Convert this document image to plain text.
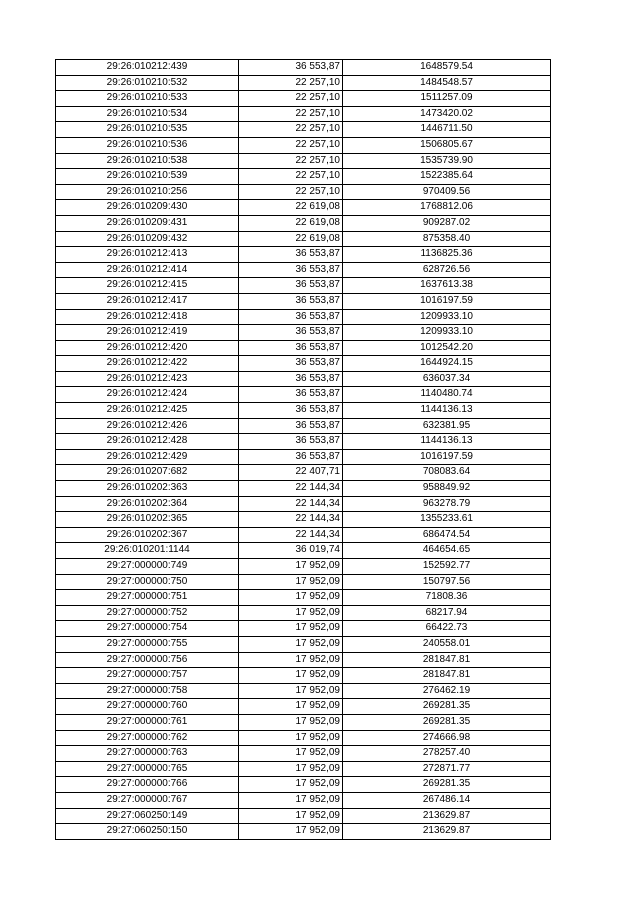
29:26:010212:439	36 553,87	1648579.54
29:26:010210:532	22 257,10	1484548.57
29:26:010210:533	22 257,10	1511257.09
29:26:010210:534	22 257,10	1473420.02
29:26:010210:535	22 257,10	1446711.50
29:26:010210:536	22 257,10	1506805.67
29:26:010210:538	22 257,10	1535739.90
29:26:010210:539	22 257,10	1522385.64
29:26:010210:256	22 257,10	970409.56
29:26:010209:430	22 619,08	1768812.06
29:26:010209:431	22 619,08	909287.02
29:26:010209:432	22 619,08	875358.40
29:26:010212:413	36 553,87	1136825.36
29:26:010212:414	36 553,87	628726.56
29:26:010212:415	36 553,87	1637613.38
29:26:010212:417	36 553,87	1016197.59
29:26:010212:418	36 553,87	1209933.10
29:26:010212:419	36 553,87	1209933.10
29:26:010212:420	36 553,87	1012542.20
29:26:010212:422	36 553,87	1644924.15
29:26:010212:423	36 553,87	636037.34
29:26:010212:424	36 553,87	1140480.74
29:26:010212:425	36 553,87	1144136.13
29:26:010212:426	36 553,87	632381.95
29:26:010212:428	36 553,87	1144136.13
29:26:010212:429	36 553,87	1016197.59
29:26:010207:682	22 407,71	708083.64
29:26:010202:363	22 144,34	958849.92
29:26:010202:364	22 144,34	963278.79
29:26:010202:365	22 144,34	1355233.61
29:26:010202:367	22 144,34	686474.54
29:26:010201:1144	36 019,74	464654.65
29:27:000000:749	17 952,09	152592.77
29:27:000000:750	17 952,09	150797.56
29:27:000000:751	17 952,09	71808.36
29:27:000000:752	17 952,09	68217.94
29:27:000000:754	17 952,09	66422.73
29:27:000000:755	17 952,09	240558.01
29:27:000000:756	17 952,09	281847.81
29:27:000000:757	17 952,09	281847.81
29:27:000000:758	17 952,09	276462.19
29:27:000000:760	17 952,09	269281.35
29:27:000000:761	17 952,09	269281.35
29:27:000000:762	17 952,09	274666.98
29:27:000000:763	17 952,09	278257.40
29:27:000000:765	17 952,09	272871.77
29:27:000000:766	17 952,09	269281.35
29:27:000000:767	17 952,09	267486.14
29:27:060250:149	17 952,09	213629.87
29:27:060250:150	17 952,09	213629.87
